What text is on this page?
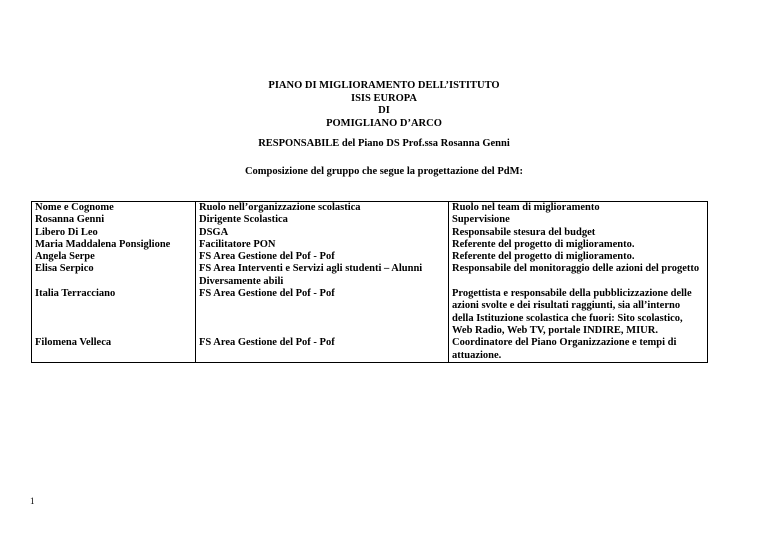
PIANO DI MIGLIORAMENTO DELL’ISTITUTO
ISIS EUROPA
DI
POMIGLIANO D’ARCO
RESPONSABILE del Piano DS Prof.ssa Rosanna Genni
Composizione del gruppo che segue la progettazione del PdM:
Nome e Cognome	Ruolo nell’organizzazione scolastica	Ruolo nel team di miglioramento
Rosanna Genni	Dirigente Scolastica	Supervisione
Libero Di Leo	DSGA	Responsabile stesura del budget
Maria Maddalena Ponsiglione	Facilitatore PON	Referente del progetto di miglioramento.
Angela Serpe	FS Area Gestione del Pof - Pof	Referente del progetto di miglioramento.
Elisa Serpico	FS Area Interventi e Servizi agli studenti – Alunni Diversamente abili	Responsabile del monitoraggio delle azioni del progetto
Italia Terracciano	FS Area Gestione del Pof - Pof	Progettista e responsabile della pubblicizzazione delle azioni svolte e dei risultati raggiunti, sia all’interno della Istituzione scolastica che fuori: Sito scolastico, Web Radio, Web TV, portale INDIRE, MIUR.
Filomena Velleca	FS Area Gestione del Pof - Pof	Coordinatore del Piano Organizzazione e tempi di attuazione.
1
